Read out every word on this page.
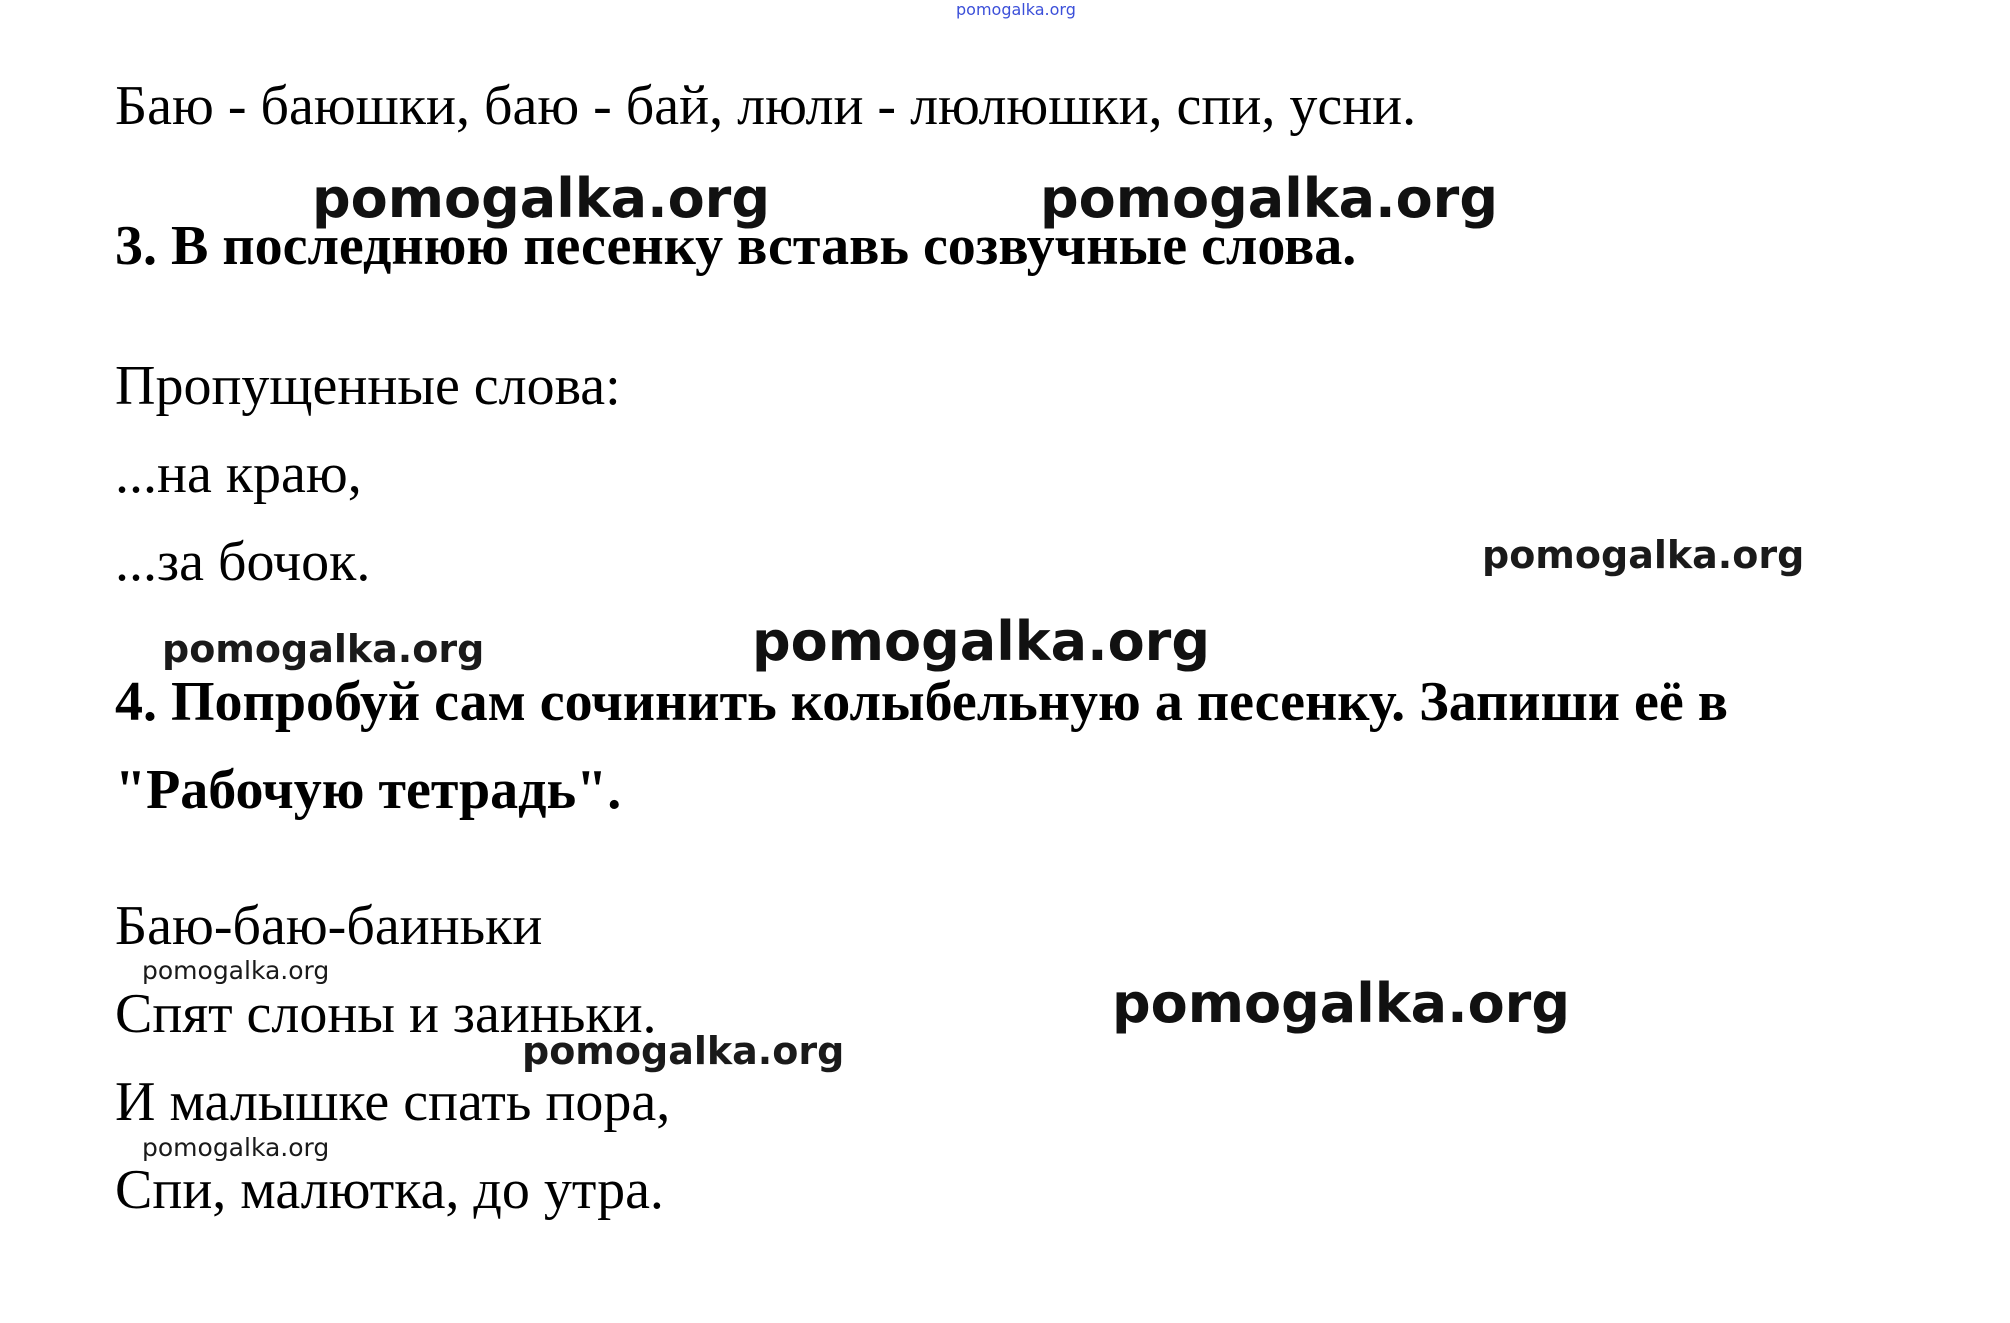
pomogalka.org
Баю - баюшки, баю - бай, люли - люлюшки, спи, усни.
3. В последнюю песенку вставь созвучные слова.
Пропущенные слова:
...на краю,
...за бочок.
4. Попробуй сам сочинить колыбельную а песенку. Запиши её в
"Рабочую тетрадь".
Баю-баю-баиньки
Спят слоны и заиньки.
И малышке спать пора,
Спи, малютка, до утра.
pomogalka.org	pomogalka.org
pomogalka.org
pomogalka.org	pomogalka.org
pomogalka.org
pomogalka.org
pomogalka.org
pomogalka.org
